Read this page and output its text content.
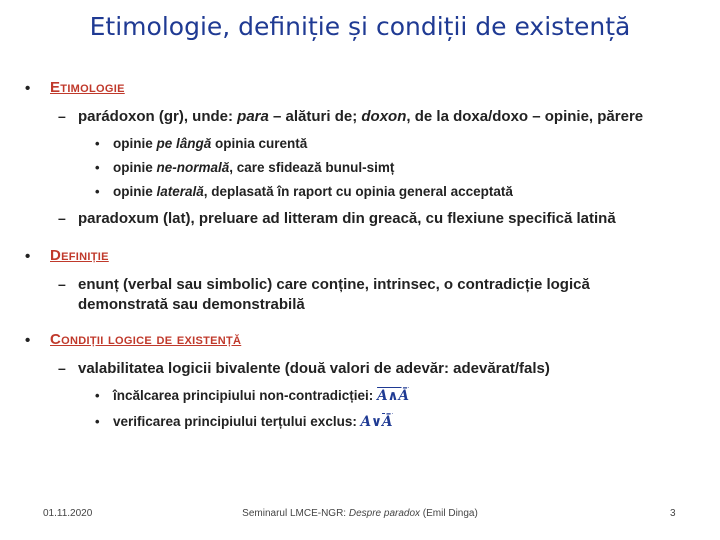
Etimologie, definiție și condiții de existență
• Etimologie
– parádoxon (gr), unde: para – alături de; doxon, de la doxa/doxo – opinie, părere
• opinie pe lângă opinia curentă
• opinie ne-normală, care sfidează bunul-simț
• opinie laterală, deplasată în raport cu opinia general acceptată
– paradoxum (lat), preluare ad litteram din greacă, cu flexiune specifică latină
• Definiție
– enunț (verbal sau simbolic) care conține, intrinsec, o contradicție logică
demonstrată sau demonstrabilă
• Condiții logice de existență
– valabilitatea logicii bivalente (două valori de adevăr: adevărat/fals)
• încălcarea principiului non-contradicției: A∧Ā
• verificarea principiului terțului exclus: $A\vee\overline{Ā}$
01.11.2020	Seminarul LMCE-NGR: Despre paradox (Emil Dinga)	3
